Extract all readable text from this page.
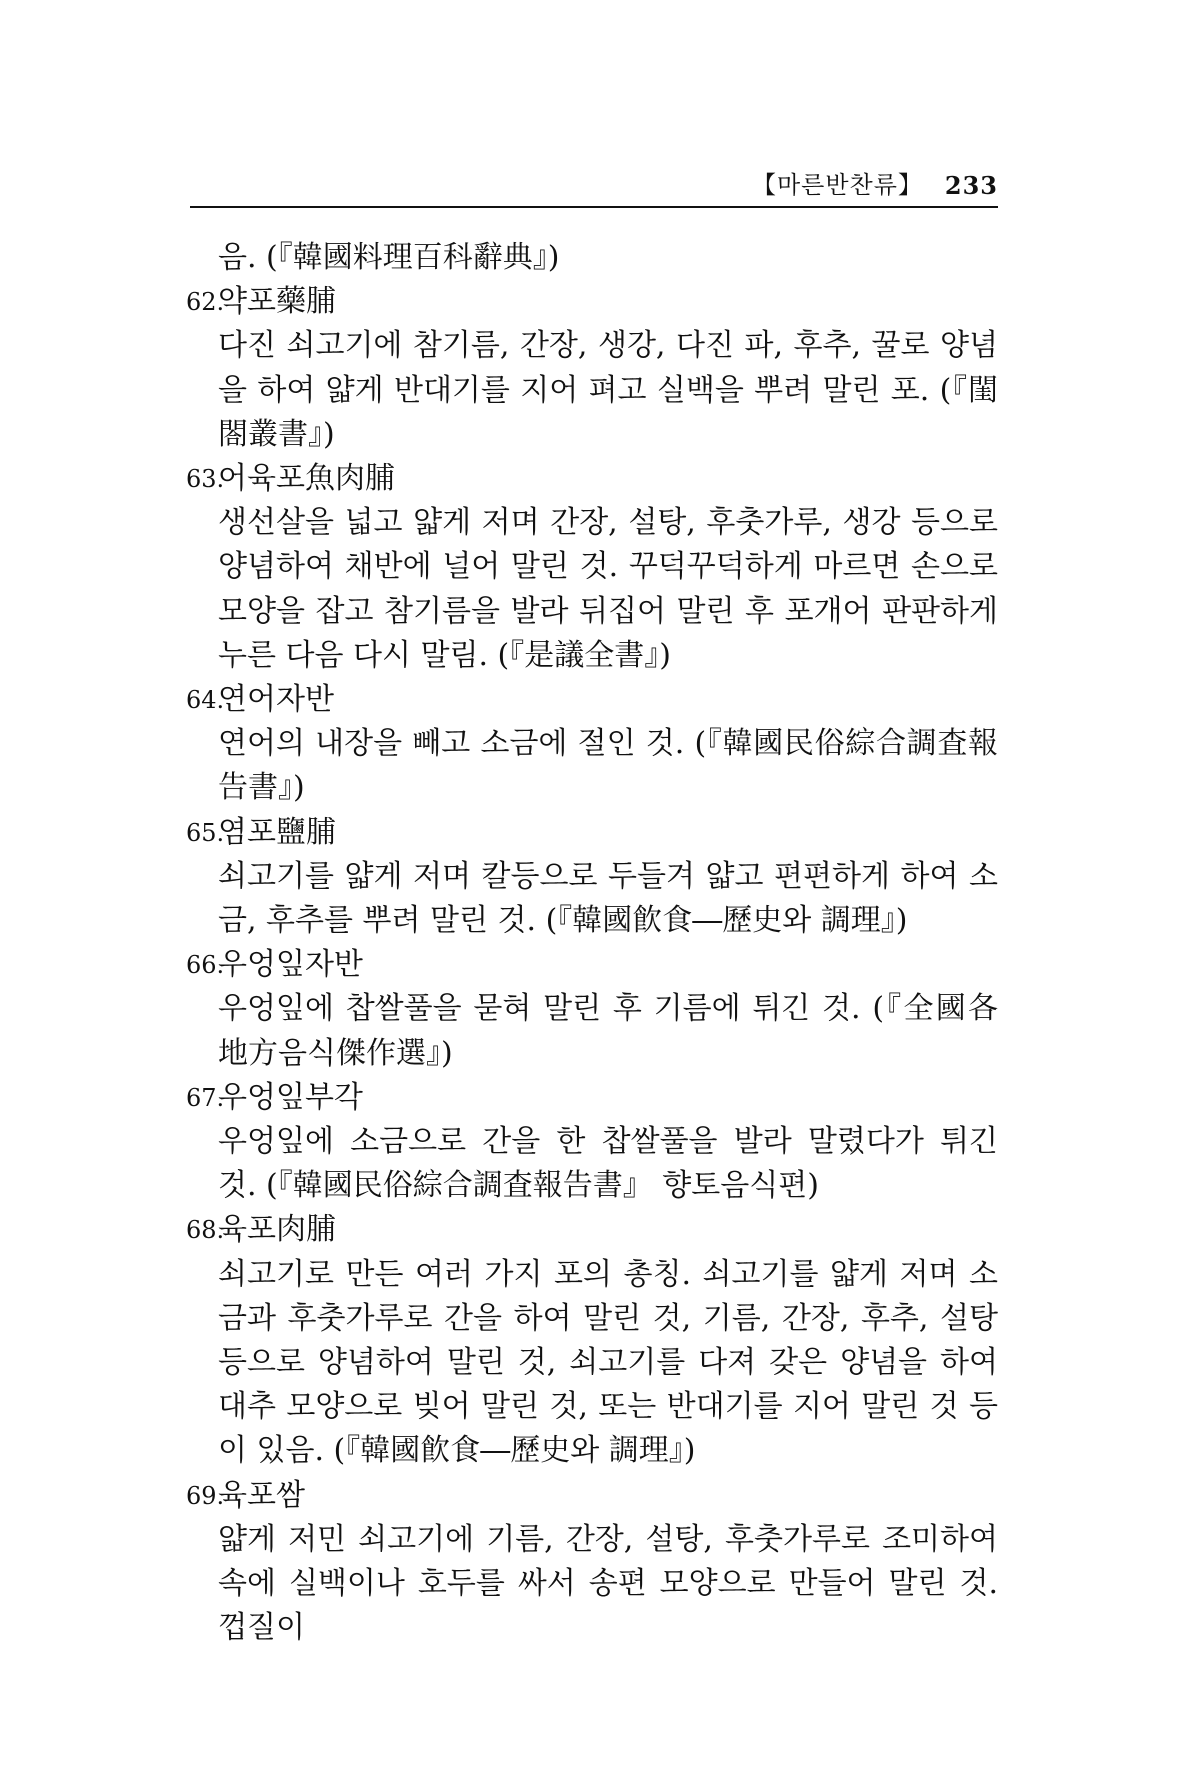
【마른반찬류】 233
음. (『韓國料理百科辭典』)
62.
약포藥脯
다진 쇠고기에 참기름, 간장, 생강, 다진 파, 후추, 꿀로 양념을 하여 얇게 반대기를 지어 펴고 실백을 뿌려 말린 포. (『閨閤叢書』)
63.
어육포魚肉脯
생선살을 넓고 얇게 저며 간장, 설탕, 후춧가루, 생강 등으로 양념하여 채반에 널어 말린 것. 꾸덕꾸덕하게 마르면 손으로 모양을 잡고 참기름을 발라 뒤집어 말린 후 포개어 판판하게 누른 다음 다시 말림. (『是議全書』)
64.
연어자반
연어의 내장을 빼고 소금에 절인 것. (『韓國民俗綜合調査報告書』)
65.
염포鹽脯
쇠고기를 얇게 저며 칼등으로 두들겨 얇고 편편하게 하여 소금, 후추를 뿌려 말린 것. (『韓國飮食―歷史와 調理』)
66.
우엉잎자반
우엉잎에 찹쌀풀을 묻혀 말린 후 기름에 튀긴 것. (『全國各地方음식傑作選』)
67.
우엉잎부각
우엉잎에 소금으로 간을 한 찹쌀풀을 발라 말렸다가 튀긴 것. (『韓國民俗綜合調査報告書』 향토음식편)
68.
육포肉脯
쇠고기로 만든 여러 가지 포의 총칭. 쇠고기를 얇게 저며 소금과 후춧가루로 간을 하여 말린 것, 기름, 간장, 후추, 설탕 등으로 양념하여 말린 것, 쇠고기를 다져 갖은 양념을 하여 대추 모양으로 빚어 말린 것, 또는 반대기를 지어 말린 것 등이 있음. (『韓國飮食―歷史와 調理』)
69.
육포쌈
얇게 저민 쇠고기에 기름, 간장, 설탕, 후춧가루로 조미하여 속에 실백이나 호두를 싸서 송편 모양으로 만들어 말린 것. 껍질이
